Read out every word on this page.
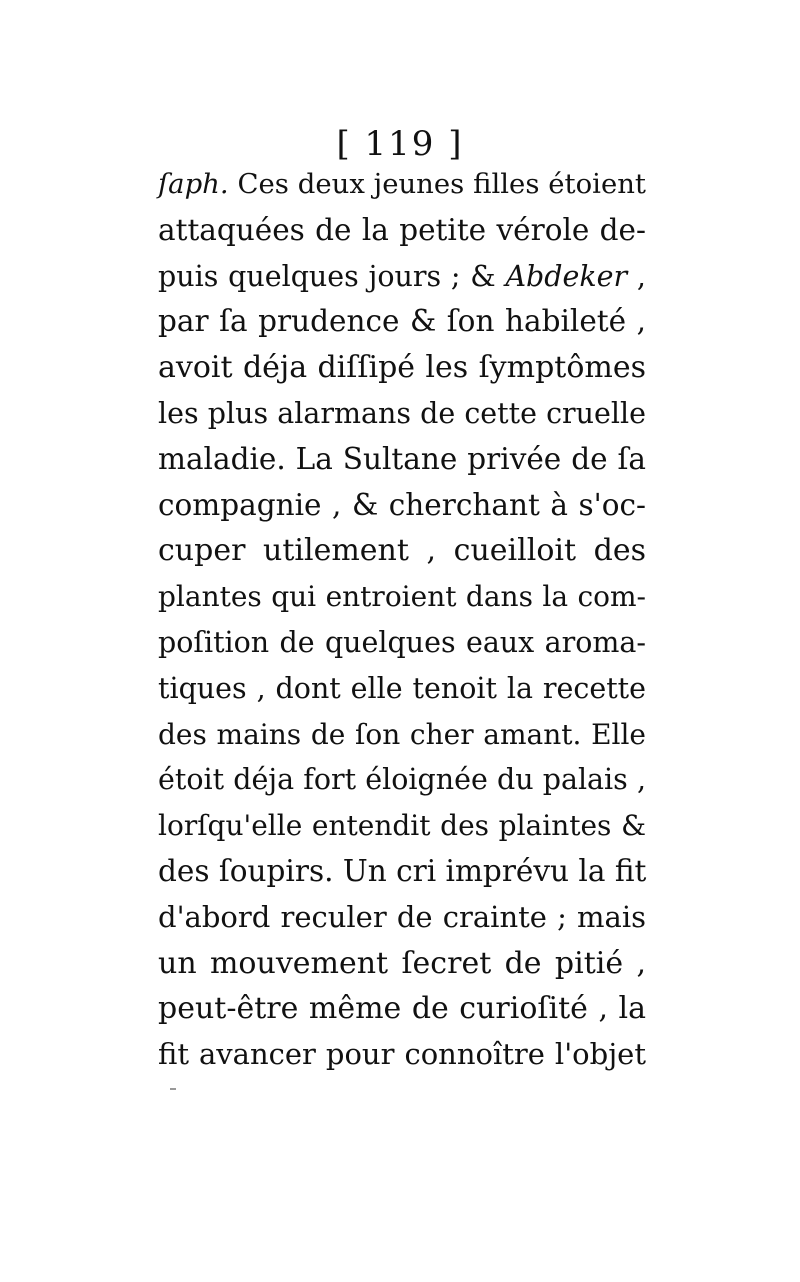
[ 119 ]
ſaph. Ces deux jeunes filles étoient
attaquées de la petite vérole de-
puis quelques jours ; & Abdeker ,
par ſa prudence & ſon habileté ,
avoit déja diſſipé les ſymptômes
les plus alarmans de cette cruelle
maladie. La Sultane privée de ſa
compagnie , & cherchant à s'oc-
cuper utilement , cueilloit des
plantes qui entroient dans la com-
poſition de quelques eaux aroma-
tiques , dont elle tenoit la recette
des mains de ſon cher amant. Elle
étoit déja fort éloignée du palais ,
lorſqu'elle entendit des plaintes &
des ſoupirs. Un cri imprévu la fit
d'abord reculer de crainte ; mais
un mouvement ſecret de pitié ,
peut-être même de curioſité , la
fit avancer pour connoître l'objet
